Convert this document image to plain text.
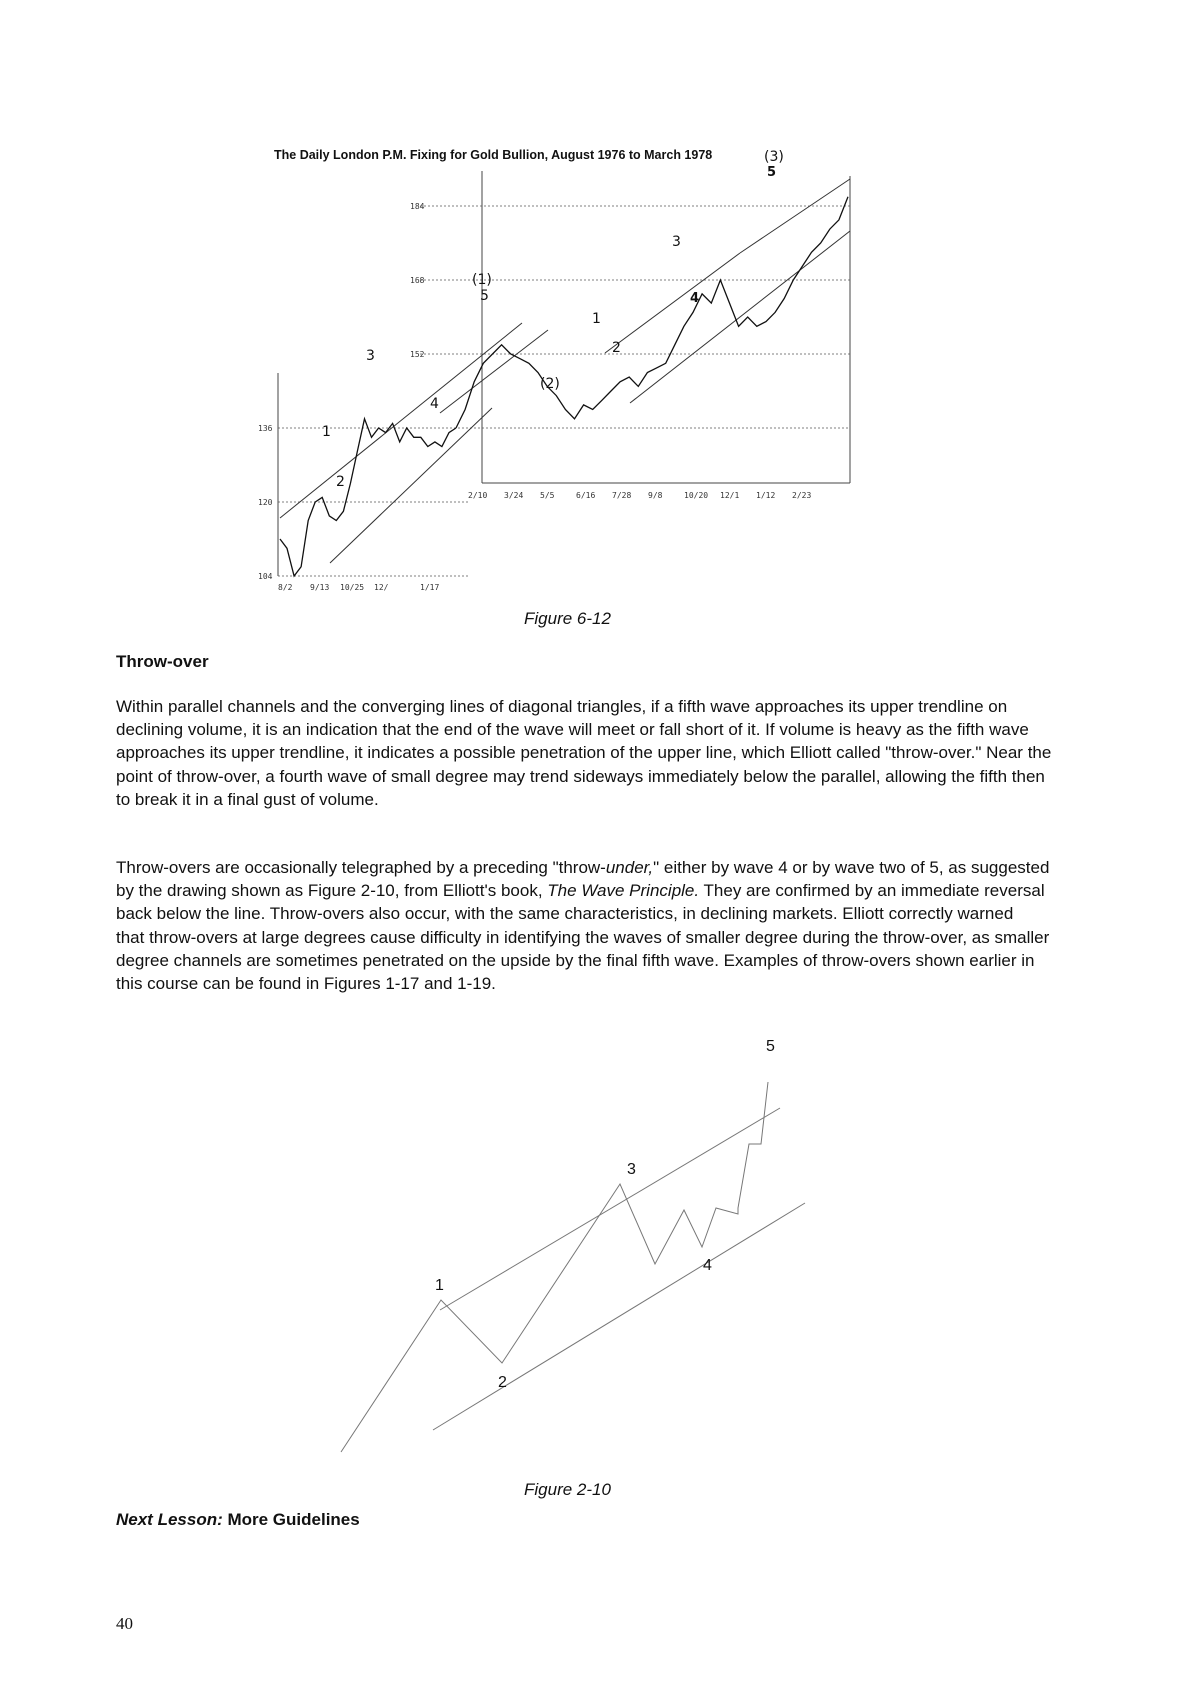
The Daily London P.M. Fixing for Gold Bullion, August 1976 to March 1978
104
120
136
152
168
184
8/2 9/13 10/25 12/	1/17
2/10 3/24 5/5	6/16 7/28 9/8	10/20 12/1 1/12 2/23
1
2
3
4
(1)
5
(2)
1
2
3
4
(3)
5
Figure 6-12
Throw-over
Within parallel channels and the converging lines of diagonal triangles, if a fifth wave approaches its upper trendline on declining volume, it is an indication that the end of the wave will meet or fall short of it. If volume is heavy as the fifth wave approaches its upper trendline, it indicates a possible penetration of the upper line, which Elliott called "throw-over." Near the point of throw-over, a fourth wave of small degree may trend sideways immediately below the parallel, allowing the fifth then to break it in a final gust of volume.
Throw-overs are occasionally telegraphed by a preceding "throw-under," either by wave 4 or by wave two of 5, as suggested by the drawing shown as Figure 2-10, from Elliott's book, The Wave Principle. They are confirmed by an immediate reversal back below the line. Throw-overs also occur, with the same characteristics, in declining markets. Elliott correctly warned
that throw-overs at large degrees cause difficulty in identifying the waves of smaller degree during the throw-over, as smaller degree channels are sometimes penetrated on the upside by the final fifth wave. Examples of throw-overs shown earlier in this course can be found in Figures 1-17 and 1-19.
1
2
3
4
5
Figure 2-10
Next Lesson: More Guidelines
40
